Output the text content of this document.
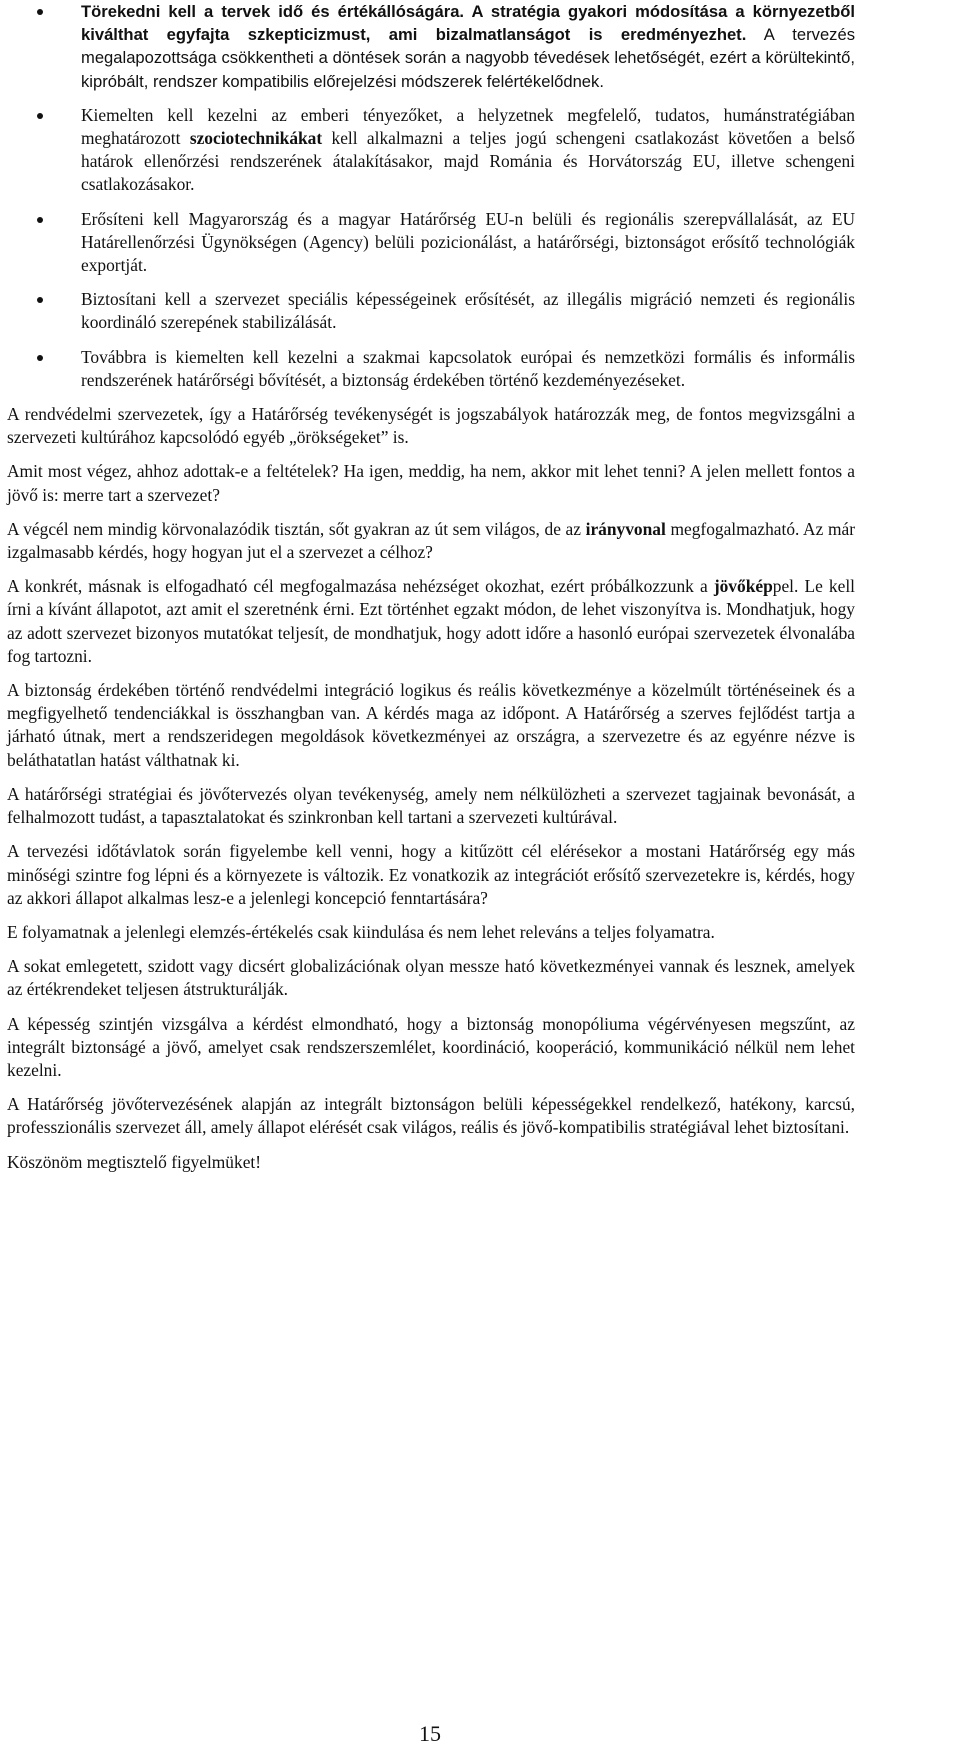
Törekedni kell a tervek idő és értékállóságára. A stratégia gyakori módosítása a környezetből kiválthat egyfajta szkepticizmust, ami bizalmatlanságot is eredményezhet. A tervezés megalapozottsága csökkentheti a döntések során a nagyobb tévedések lehetőségét, ezért a körültekintő, kipróbált, rendszer kompatibilis előrejelzési módszerek felértékelődnek.
Kiemelten kell kezelni az emberi tényezőket, a helyzetnek megfelelő, tudatos, humánstratégiában meghatározott szociotechnikákat kell alkalmazni a teljes jogú schengeni csatlakozást követően a belső határok ellenőrzési rendszerének átalakításakor, majd Románia és Horvátország EU, illetve schengeni csatlakozásakor.
Erősíteni kell Magyarország és a magyar Határőrség EU-n belüli és regionális szerepvállalását, az EU Határellenőrzési Ügynökségen (Agency) belüli pozicionálást, a határőrségi, biztonságot erősítő technológiák exportját.
Biztosítani kell a szervezet speciális képességeinek erősítését, az illegális migráció nemzeti és regionális koordináló szerepének stabilizálását.
Továbbra is kiemelten kell kezelni a szakmai kapcsolatok európai és nemzetközi formális és informális rendszerének határőrségi bővítését, a biztonság érdekében történő kezdeményezéseket.

A rendvédelmi szervezetek, így a Határőrség tevékenységét is jogszabályok határozzák meg, de fontos megvizsgálni a szervezeti kultúrához kapcsolódó egyéb „örökségeket” is.

Amit most végez, ahhoz adottak-e a feltételek? Ha igen, meddig, ha nem, akkor mit lehet tenni? A jelen mellett fontos a jövő is: merre tart a szervezet?

A végcél nem mindig körvonalazódik tisztán, sőt gyakran az út sem világos, de az irányvonal megfogalmazható. Az már izgalmasabb kérdés, hogy hogyan jut el a szervezet a célhoz?

A konkrét, másnak is elfogadható cél megfogalmazása nehézséget okozhat, ezért próbálkozzunk a jövőképpel. Le kell írni a kívánt állapotot, azt amit el szeretnénk érni. Ezt történhet egzakt módon, de lehet viszonyítva is. Mondhatjuk, hogy az adott szervezet bizonyos mutatókat teljesít, de mondhatjuk, hogy adott időre a hasonló európai szervezetek élvonalába fog tartozni.

A biztonság érdekében történő rendvédelmi integráció logikus és reális következménye a közelmúlt történéseinek és a megfigyelhető tendenciákkal is összhangban van. A kérdés maga az időpont. A Határőrség a szerves fejlődést tartja a járható útnak, mert a rendszeridegen megoldások következményei az országra, a szervezetre és az egyénre nézve is beláthatatlan hatást válthatnak ki.

A határőrségi stratégiai és jövőtervezés olyan tevékenység, amely nem nélkülözheti a szervezet tagjainak bevonását, a felhalmozott tudást, a tapasztalatokat és szinkronban kell tartani a szervezeti kultúrával.

A tervezési időtávlatok során figyelembe kell venni, hogy a kitűzött cél elérésekor a mostani Határőrség egy más minőségi szintre fog lépni és a környezete is változik. Ez vonatkozik az integrációt erősítő szervezetekre is, kérdés, hogy az akkori állapot alkalmas lesz-e a jelenlegi koncepció fenntartására?

E folyamatnak a jelenlegi elemzés-értékelés csak kiindulása és nem lehet releváns a teljes folyamatra.

A sokat emlegetett, szidott vagy dicsért globalizációnak olyan messze ható következményei vannak és lesznek, amelyek az értékrendeket teljesen átstrukturálják.

A képesség szintjén vizsgálva a kérdést elmondható, hogy a biztonság monopóliuma végérvényesen megszűnt, az integrált biztonságé a jövő, amelyet csak rendszerszemlélet, koordináció, kooperáció, kommunikáció nélkül nem lehet kezelni.

A Határőrség jövőtervezésének alapján az integrált biztonságon belüli képességekkel rendelkező, hatékony, karcsú, professzionális szervezet áll, amely állapot elérését csak világos, reális és jövő-kompatibilis stratégiával lehet biztosítani.

Köszönöm megtisztelő figyelmüket!

15
